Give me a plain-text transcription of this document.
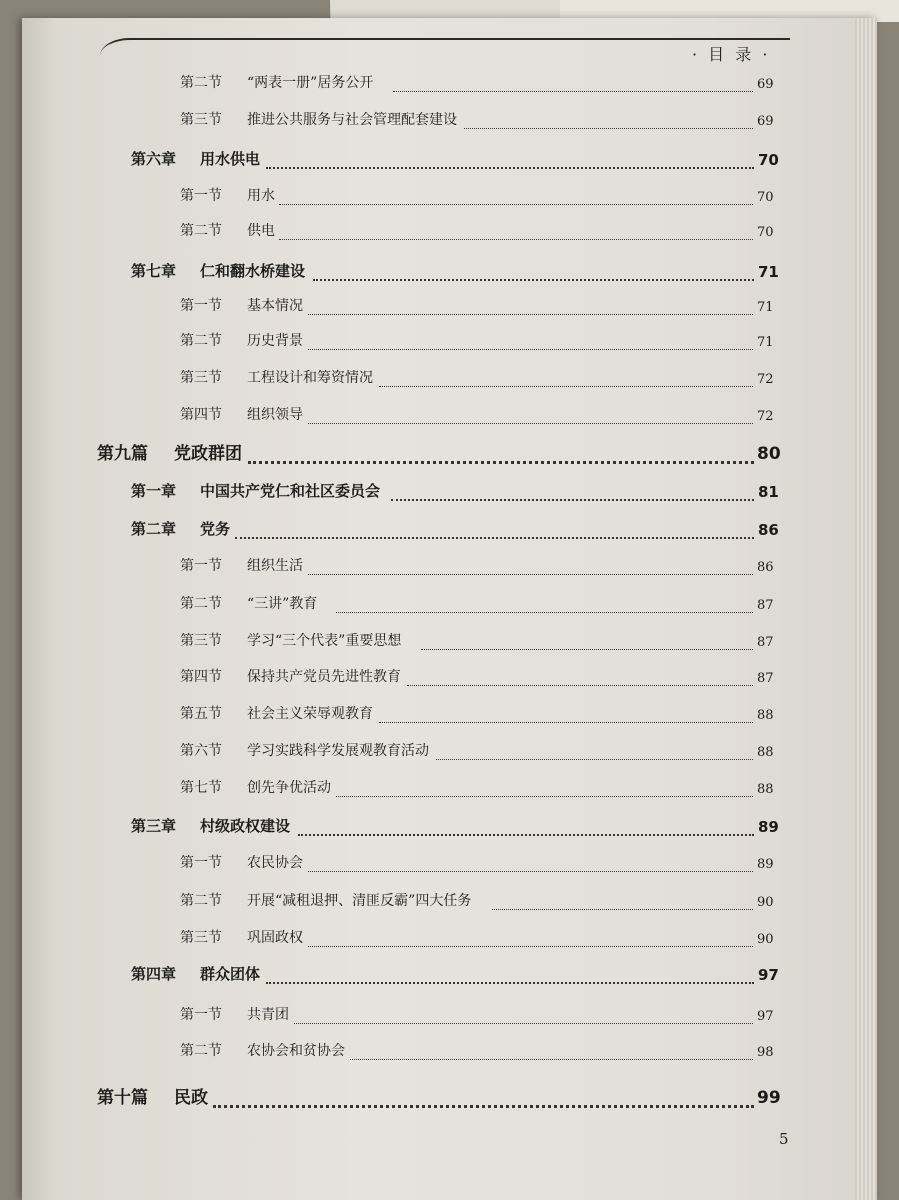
· 目 录 ·
第二节 “两表一册”居务公开	69
第三节 推进公共服务与社会管理配套建设	69
第六章 用水供电	70
第一节 用水	70
第二节 供电	70
第七章 仁和翻水桥建设	71
第一节 基本情况	71
第二节 历史背景	71
第三节 工程设计和筹资情况	72
第四节 组织领导	72
第九篇 党政群团	80
第一章 中国共产党仁和社区委员会	81
第二章 党务	86
第一节 组织生活	86
第二节 “三讲”教育	87
第三节 学习“三个代表”重要思想	87
第四节 保持共产党员先进性教育	87
第五节 社会主义荣辱观教育	88
第六节 学习实践科学发展观教育活动	88
第七节 创先争优活动	88
第三章 村级政权建设	89
第一节 农民协会	89
第二节 开展“减租退押、清匪反霸”四大任务	90
第三节 巩固政权	90
第四章 群众团体	97
第一节 共青团	97
第二节 农协会和贫协会	98
第十篇 民政	99
5
